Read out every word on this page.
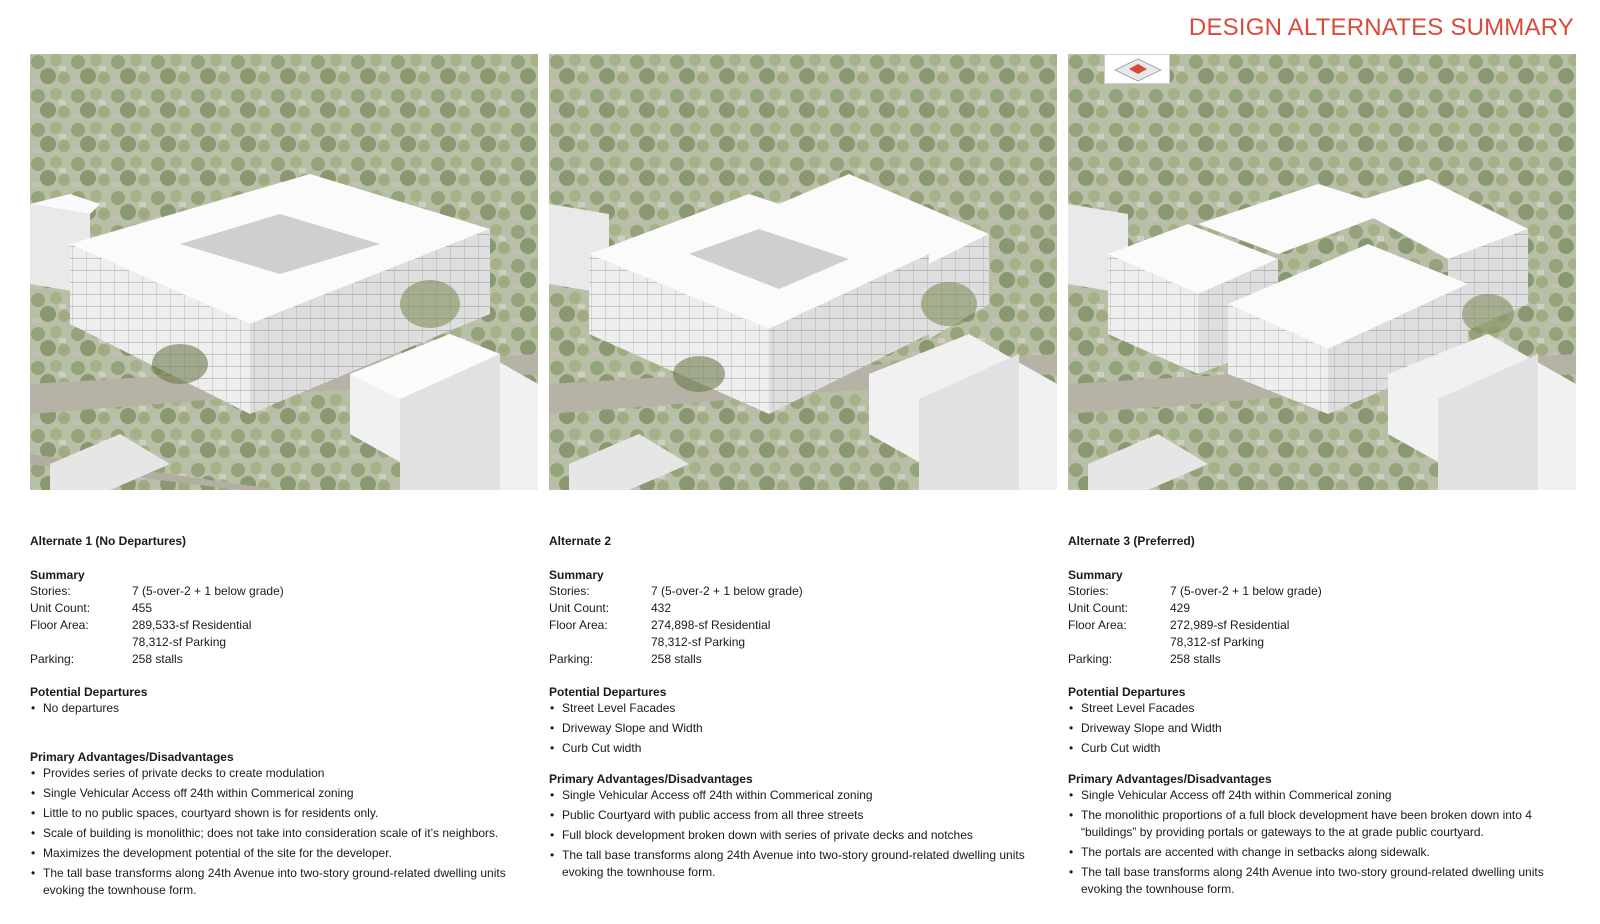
DESIGN ALTERNATES SUMMARY
Alternate 1 (No Departures)
Summary
Stories:	7 (5-over-2 + 1 below grade)
Unit Count:	455
Floor Area:	289,533-sf Residential
78,312-sf Parking
Parking:	258 stalls
Potential Departures
• No departures
Primary Advantages/Disadvantages
• Provides series of private decks to create modulation
• Single Vehicular Access off 24th within Commerical zoning
• Little to no public spaces, courtyard shown is for residents only.
• Scale of building is monolithic; does not take into consideration scale of it’s neighbors.
• Maximizes the development potential of the site for the developer.
• The tall base transforms along 24th Avenue into two-story ground-related dwelling units evoking the townhouse form.
Alternate 2
Summary
Stories:	7 (5-over-2 + 1 below grade)
Unit Count:	432
Floor Area:	274,898-sf Residential
78,312-sf Parking
Parking:	258 stalls
Potential Departures
• Street Level Facades
• Driveway Slope and Width
• Curb Cut width
Primary Advantages/Disadvantages
• Single Vehicular Access off 24th within Commerical zoning
• Public Courtyard with public access from all three streets
• Full block development broken down with series of private decks and notches
• The tall base transforms along 24th Avenue into two-story ground-related dwelling units evoking the townhouse form.
Alternate 3 (Preferred)
Summary
Stories:	7 (5-over-2 + 1 below grade)
Unit Count:	429
Floor Area:	272,989-sf Residential
78,312-sf Parking
Parking:	258 stalls
Potential Departures
• Street Level Facades
• Driveway Slope and Width
• Curb Cut width
Primary Advantages/Disadvantages
• Single Vehicular Access off 24th within Commerical zoning
• The monolithic proportions of a full block development have been broken down into 4 “buildings” by providing portals or gateways to the at grade public courtyard.
• The portals are accented with change in setbacks along sidewalk.
• The tall base transforms along 24th Avenue into two-story ground-related dwelling units evoking the townhouse form.
